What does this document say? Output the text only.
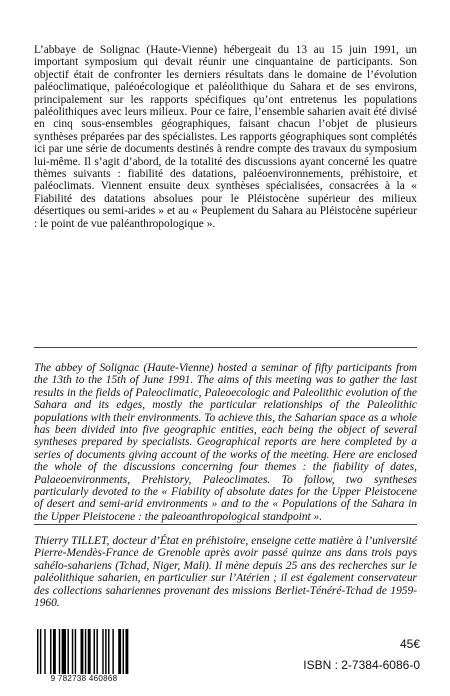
L’abbaye de Solignac (Haute-Vienne) hébergeait du 13 au 15 juin 1991, un important symposium qui devait réunir une cinquantaine de participants. Son objectif était de confronter les derniers résultats dans le domaine de l’évolution paléoclimatique, paléoécologique et paléolithique du Sahara et de ses environs, principalement sur les rapports spécifiques qu’ont entretenus les populations paléolithiques avec leurs milieux. Pour ce faire, l’ensemble saharien avait été divisé en cinq sous-ensembles géographiques, faisant chacun l’objet de plusieurs synthèses préparées par des spécialistes. Les rapports géographiques sont complétés ici par une série de documents destinés à rendre compte des travaux du symposium lui-même. Il s’agit d’abord, de la totalité des discussions ayant concerné les quatre thèmes suivants : fiabilité des datations, paléoenvironnements, préhistoire, et paléoclimats. Viennent ensuite deux synthèses spécialisées, consacrées à la « Fiabilité des datations absolues pour le Pléistocène supérieur des milieux désertiques ou semi-arides » et au « Peuplement du Sahara au Pléistocène supérieur : le point de vue paléanthropologique ».

The abbey of Solignac (Haute-Vienne) hosted a seminar of fifty participants from the 13th to the 15th of June 1991. The aims of this meeting was to gather the last results in the fields of Paleoclimatic, Paleoecologic and Paleolithic evolution of the Sahara and its edges, mostly the particular relationships of the Paleolithic populations with their environments. To achieve this, the Saharian space as a whole has been divided into five geographic entities, each being the object of several syntheses prepared by specialists. Geographical reports are here completed by a series of documents giving account of the works of the meeting. Here are enclosed the whole of the discussions concerning four themes : the fiability of dates, Palaeoenvironments, Prehistory, Paleoclimates. To follow, two syntheses particularly devoted to the « Fiability of absolute dates for the Upper Pleistocene of desert and semi-arid environments » and to the « Populations of the Sahara in the Upper Pleistocene : the paleoanthropological standpoint ».

Thierry TILLET, docteur d’État en préhistoire, enseigne cette matière à l’université Pierre-Mendès-France de Grenoble après avoir passé quinze ans dans trois pays sahélo-sahariens (Tchad, Niger, Mali). Il mène depuis 25 ans des recherches sur le paléolithique saharien, en particulier sur l’Atérien ; il est également conservateur des collections sahariennes provenant des missions Berliet-Ténéré-Tchad de 1959-1960.

9 782738 460868
45€
ISBN : 2-7384-6086-0
